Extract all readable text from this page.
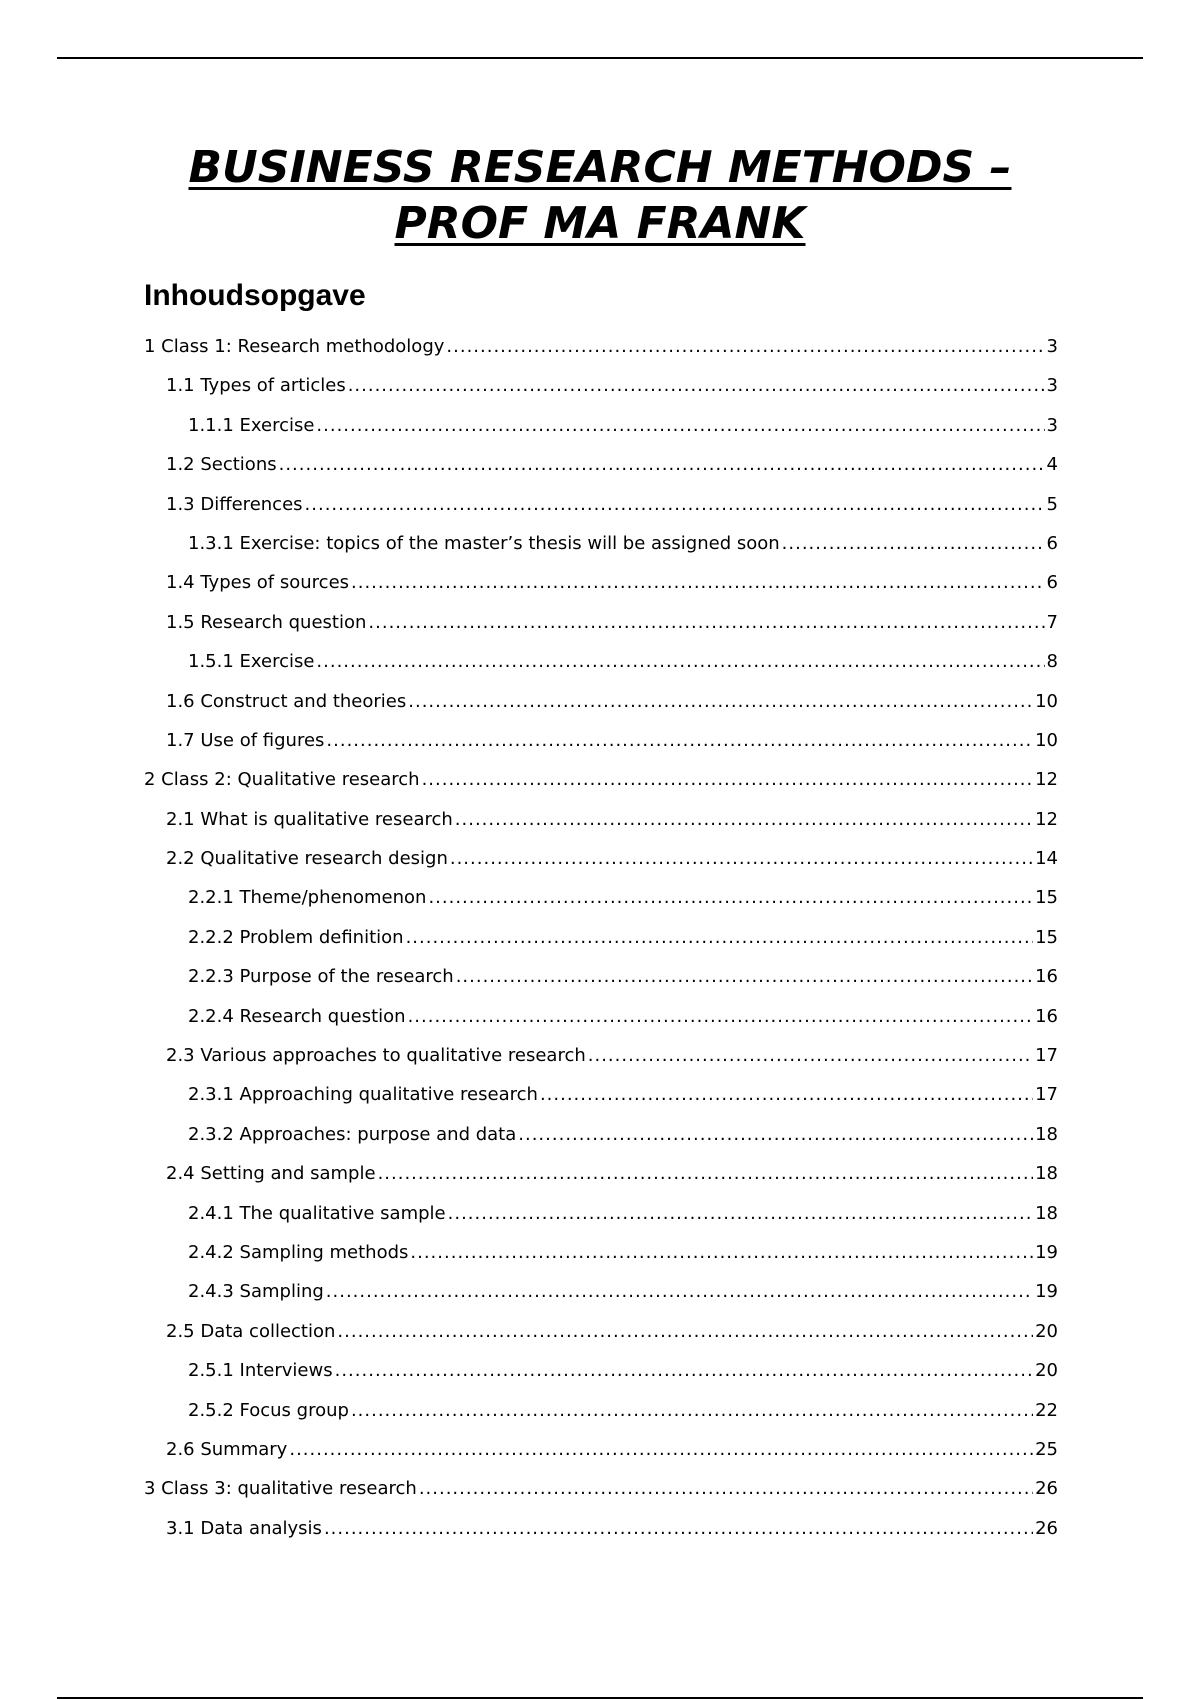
BUSINESS RESEARCH METHODS –
PROF MA FRANK
Inhoudsopgave
1 Class 1: Research methodology .....	3
1.1 Types of articles .....	3
1.1.1 Exercise .....	3
1.2 Sections .....	4
1.3 Differences .....	5
1.3.1 Exercise: topics of the master’s thesis will be assigned soon .....	6
1.4 Types of sources .....	6
1.5 Research question .....	7
1.5.1 Exercise .....	8
1.6 Construct and theories .....	10
1.7 Use of figures .....	10
2 Class 2: Qualitative research .....	12
2.1 What is qualitative research .....	12
2.2 Qualitative research design .....	14
2.2.1 Theme/phenomenon .....	15
2.2.2 Problem definition .....	15
2.2.3 Purpose of the research .....	16
2.2.4 Research question .....	16
2.3 Various approaches to qualitative research .....	17
2.3.1 Approaching qualitative research .....	17
2.3.2 Approaches: purpose and data .....	18
2.4 Setting and sample .....	18
2.4.1 The qualitative sample .....	18
2.4.2 Sampling methods .....	19
2.4.3 Sampling .....	19
2.5 Data collection .....	20
2.5.1 Interviews .....	20
2.5.2 Focus group .....	22
2.6 Summary .....	25
3 Class 3: qualitative research .....	26
3.1 Data analysis .....	26
